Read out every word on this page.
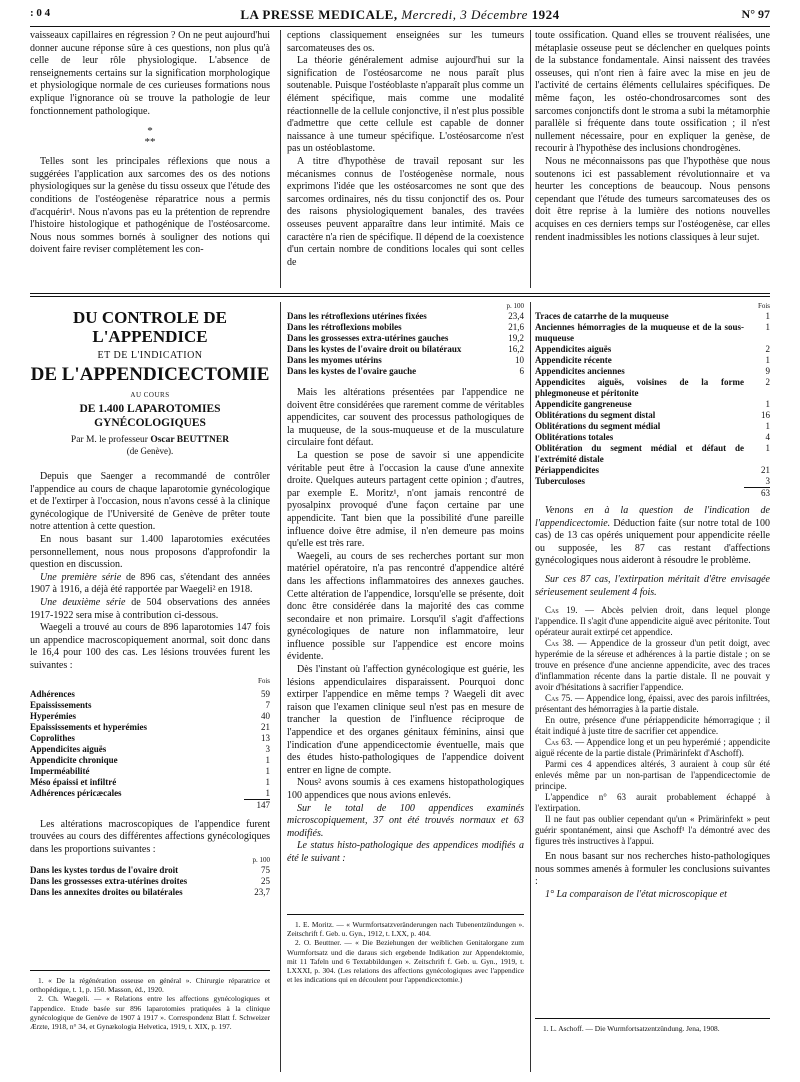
: 0 4	LA PRESSE MEDICALE, Mercredi, 3 Décembre 1924	N° 97

vaisseaux capillaires en régression ? On ne peut aujourd'hui donner aucune réponse sûre à ces questions, non plus qu'à celle de leur rôle physiologique. L'absence de renseignements certains sur la signification morphologique et physiologique normale de ces curieuses formations nous explique l'ignorance où se trouve la pathologie de leur fonctionnement pathologique.

*
**

Telles sont les principales réflexions que nous a suggérées l'application aux sarcomes des os des notions physiologiques sur la genèse du tissu osseux que l'étude des conditions de l'ostéogenèse réparatrice nous a permis d'acquérir¹. Nous n'avons pas eu la prétention de reprendre l'histoire histologique et pathogénique de l'ostéosarcome. Nous nous sommes bornés à souligner des notions qui doivent faire reviser complètement les con-

ceptions classiquement enseignées sur les tumeurs sarcomateuses des os.

La théorie généralement admise aujourd'hui sur la signification de l'ostéosarcome ne nous paraît plus soutenable. Puisque l'ostéoblaste n'apparaît plus comme un élément spécifique, mais comme une modalité réactionnelle de la cellule conjonctive, il n'est plus possible d'admettre que cette cellule est capable de donner naissance à une tumeur spécifique. L'ostéosarcome n'est pas un ostéoblastome.

A titre d'hypothèse de travail reposant sur les mécanismes connus de l'ostéogenèse normale, nous exprimons l'idée que les ostéosarcomes ne sont que des sarcomes ordinaires, nés du tissu conjonctif des os. Pour des raisons physiologiquement banales, des travées osseuses peuvent apparaître dans leur intimité. Mais ce caractère n'a rien de spécifique. Il dépend de la coexistence d'un certain nombre de conditions locales qui sont celles de

toute ossification. Quand elles se trouvent réalisées, une métaplasie osseuse peut se déclencher en quelques points de la substance fondamentale. Ainsi naissent des travées osseuses, qui n'ont rien à faire avec la mise en jeu de l'activité de certains éléments cellulaires spécifiques. De même façon, les ostéo-chondrosarcomes sont des sarcomes conjonctifs dont le stroma a subi la métamorphie parallèle si fréquente dans toute ossification ; il n'est nullement nécessaire, pour en expliquer la genèse, de recourir à l'hypothèse des inclusions chondrogènes.

Nous ne méconnaissons pas que l'hypothèse que nous soutenons ici est passablement révolutionnaire et va heurter les conceptions de beaucoup. Nous pensons cependant que l'étude des tumeurs sarcomateuses des os doit être reprise à la lumière des notions nouvelles acquises en ces derniers temps sur l'ostéogenèse, car elles rendent inadmissibles les notions classiques à leur sujet.

DU CONTROLE DE L'APPENDICE
ET DE L'INDICATION
DE L'APPENDICECTOMIE
AU COURS
DE 1.400 LAPAROTOMIES GYNÉCOLOGIQUES
Par M. le professeur Oscar BEUTTNER
(de Genève).

Depuis que Saenger a recommandé de contrôler l'appendice au cours de chaque laparotomie gynécologique et de l'extirper à l'occasion, nous n'avons cessé à la clinique gynécologique de l'Université de Genève de prêter toute notre attention à cette question.

En nous basant sur 1.400 laparotomies exécutées personnellement, nous nous proposons d'approfondir la question en discussion.

Une première série de 896 cas, s'étendant des années 1907 à 1916, a déjà été rapportée par Waegeli² en 1918.

Une deuxième série de 504 observations des années 1917-1922 sera mise à contribution ci-dessous.

Waegeli a trouvé au cours de 896 laparotomies 147 fois un appendice macroscopiquement anormal, soit donc dans le 16,4 pour 100 des cas. Les lésions trouvées furent les suivantes :

Fois
Adhérences	59
Epaississements	7
Hyperémies	40
Epaississements et hyperémies	21
Coprolithes	13
Appendicites aiguës	3
Appendicite chronique	1
Imperméabilité	1
Méso épaissi et infiltré	1
Adhérences péricæcales	1
147

Les altérations macroscopiques de l'appendice furent trouvées au cours des différentes affections gynécologiques dans les proportions suivantes :

p. 100
Dans les kystes tordus de l'ovaire droit	75
Dans les grossesses extra-utérines droites	25
Dans les annexites droites ou bilatérales	23,7

1. « De la régénération osseuse en général ». Chirurgie réparatrice et orthopédique, t. 1, p. 150. Masson, éd., 1920.

2. Ch. Waegeli. — « Relations entre les affections gynécologiques et l'appendice. Etude basée sur 896 laparotomies pratiquées à la clinique gynécologique de Genève de 1907 à 1917 ». Correspondenz Blatt f. Schweizer Ærzte, 1918, n° 34, et Gynækologia Helvetica, 1919, t. XIX, p. 197.

p. 100
Dans les rétroflexions utérines fixées	23,4
Dans les rétroflexions mobiles	21,6
Dans les grossesses extra-utérines gauches	19,2
Dans les kystes de l'ovaire droit ou bilatéraux	16,2
Dans les myomes utérins	10
Dans les kystes de l'ovaire gauche	6

Mais les altérations présentées par l'appendice ne doivent être considérées que rarement comme de véritables appendicites, car souvent des processus pathologiques de la muqueuse, de la sous-muqueuse et de la musculature circulaire font défaut.

La question se pose de savoir si une appendicite véritable peut être à l'occasion la cause d'une annexite droite. Quelques auteurs partagent cette opinion ; d'autres, par exemple E. Moritz¹, n'ont jamais rencontré de pyosalpinx provoqué d'une façon certaine par une appendicite. Tant bien que la possibilité d'une pareille influence doive être admise, il n'en demeure pas moins qu'elle est très rare.

Waegeli, au cours de ses recherches portant sur mon matériel opératoire, n'a pas rencontré d'appendice altéré dans les affections inflammatoires des annexes gauches. Cette altération de l'appendice, lorsqu'elle se présente, doit donc être considérée dans la majorité des cas comme secondaire et non primaire. Lorsqu'il s'agit d'affections gynécologiques de nature non inflammatoire, leur influence possible sur l'appendice est encore moins évidente.

Dès l'instant où l'affection gynécologique est guérie, les lésions appendiculaires disparaissent. Pourquoi donc extirper l'appendice en même temps ? Waegeli dit avec raison que l'examen clinique seul n'est pas en mesure de trancher la question de l'influence réciproque de l'appendice et des organes génitaux féminins, ainsi que l'indication d'une appendicectomie éventuelle, mais que des études histo-pathologiques de l'appendice doivent entrer en ligne de compte.

Nous² avons soumis à ces examens histopathologiques 100 appendices que nous avions enlevés.

Sur le total de 100 appendices examinés microscopiquement, 37 ont été trouvés normaux et 63 modifiés.

Le status histo-pathologique des appendices modifiés a été le suivant :

1. E. Moritz. — « Wurmfortsatzveränderungen nach Tubenentzündungen ». Zeitschrift f. Geb. u. Gyn., 1912, t. LXX, p. 404.

2. O. Beuttner. — « Die Beziehungen der weiblichen Genitalorgane zum Wurmfortsatz und die daraus sich ergebende Indikation zur Appendektomie, mit 11 Tafeln und 6 Textabbildungen ». Zeitschrift f. Geb. u. Gyn., 1919, t. LXXXI, p. 304. (Les relations des affections gynécologiques avec l'appendice et les indications qui en découlent pour l'appendicectomie.)

Fois
Traces de catarrhe de la muqueuse	1
Anciennes hémorragies de la muqueuse et de la sous-muqueuse	1
Appendicites aiguës	2
Appendicite récente	1
Appendicites anciennes	9
Appendicites aiguës, voisines de la forme phlegmoneuse et péritonite	2
Appendicite gangreneuse	1
Oblitérations du segment distal	16
Oblitérations du segment médial	1
Oblitérations totales	4
Oblitération du segment médial et défaut de l'extrémité distale	1
Périappendicites	21
Tuberculoses	3
63

Venons en à la question de l'indication de l'appendicectomie. Déduction faite (sur notre total de 100 cas) de 13 cas opérés uniquement pour appendicite réelle ou supposée, les 87 cas restant d'affections gynécologiques nous aideront à résoudre le problème.

Sur ces 87 cas, l'extirpation méritait d'être envisagée sérieusement seulement 4 fois.

Cas 19. — Abcès pelvien droit, dans lequel plonge l'appendice. Il s'agit d'une appendicite aiguë avec péritonite. Tout opérateur aurait extirpé cet appendice.

Cas 38. — Appendice de la grosseur d'un petit doigt, avec hyperémie de la séreuse et adhérences à la partie distale ; on se trouve en présence d'une ancienne appendicite, avec des traces d'inflammation récente dans la partie distale. Il ne pouvait y avoir d'hésitations à sacrifier l'appendice.

Cas 75. — Appendice long, épaissi, avec des parois infiltrées, présentant des hémorragies à la partie distale.

En outre, présence d'une périappendicite hémorragique ; il était indiqué à juste titre de sacrifier cet appendice.

Cas 63. — Appendice long et un peu hyperémié ; appendicite aiguë récente de la partie distale (Primärinfekt d'Aschoff).

Parmi ces 4 appendices altérés, 3 auraient à coup sûr été enlevés même par un non-partisan de l'appendicectomie de principe.

L'appendice n° 63 aurait probablement échappé à l'extirpation.

Il ne faut pas oublier cependant qu'un « Primärinfekt » peut guérir spontanément, ainsi que Aschoff¹ l'a démontré avec des figures très instructives à l'appui.

En nous basant sur nos recherches histo-pathologiques nous sommes amenés à formuler les conclusions suivantes :

1° La comparaison de l'état microscopique et

1. L. Aschoff. — Die Wurmfortsatzentzündung. Jena, 1908.
